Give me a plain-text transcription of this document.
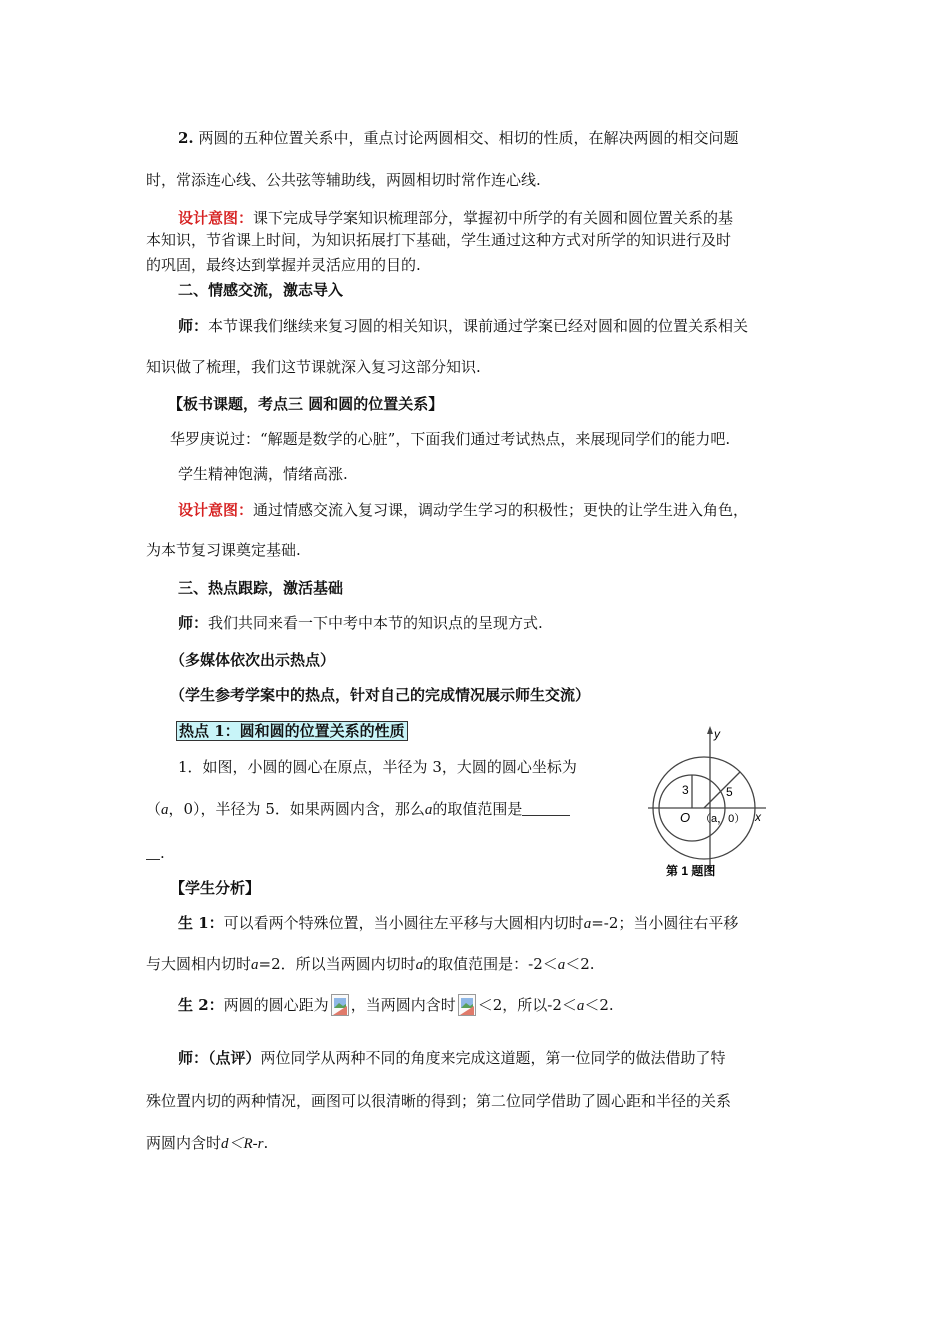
2. 两圆的五种位置关系中，重点讨论两圆相交、相切的性质，在解决两圆的相交问题
时，常添连心线、公共弦等辅助线，两圆相切时常作连心线.
设计意图：课下完成导学案知识梳理部分，掌握初中所学的有关圆和圆位置关系的基
本知识，节省课上时间，为知识拓展打下基础，学生通过这种方式对所学的知识进行及时
的巩固，最终达到掌握并灵活应用的目的.
二、情感交流，激志导入
师：本节课我们继续来复习圆的相关知识，课前通过学案已经对圆和圆的位置关系相关
知识做了梳理，我们这节课就深入复习这部分知识.
【板书课题，考点三 圆和圆的位置关系】
华罗庚说过：“解题是数学的心脏”，下面我们通过考试热点，来展现同学们的能力吧.
学生精神饱满，情绪高涨.
设计意图：通过情感交流入复习课，调动学生学习的积极性；更快的让学生进入角色，
为本节复习课奠定基础.
三、热点跟踪，激活基础
师：我们共同来看一下中考中本节的知识点的呈现方式.
（多媒体依次出示热点）
（学生参考学案中的热点，针对自己的完成情况展示师生交流）
热点 1：圆和圆的位置关系的性质
1．如图，小圆的圆心在原点，半径为 3，大圆的圆心坐标为
（a，0），半径为 5．如果两圆内含，那么a的取值范围是
.
y
x
3	5
O （a，0）
第 1 题图
【学生分析】
生 1：可以看两个特殊位置，当小圆往左平移与大圆相内切时a=-2；当小圆往右平移
与大圆相内切时a=2．所以当两圆内切时a的取值范围是：-2＜a＜2.
生 2：两圆的圆心距为 ，当两圆内含时 ＜2，所以-2＜a＜2.
师：（点评）两位同学从两种不同的角度来完成这道题，第一位同学的做法借助了特
殊位置内切的两种情况，画图可以很清晰的得到；第二位同学借助了圆心距和半径的关系
两圆内含时d＜R-r.
